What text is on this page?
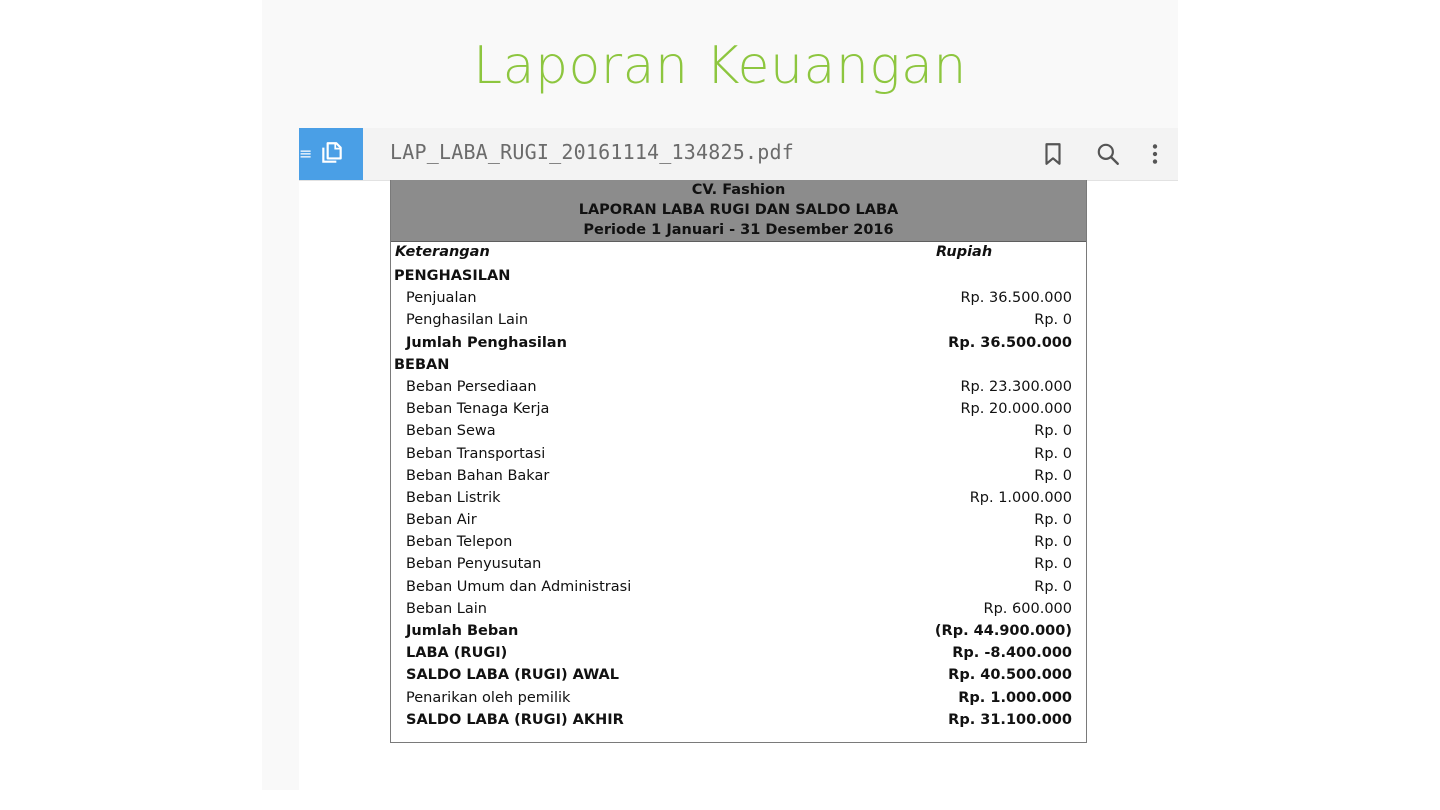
Laporan Keuangan
≡	LAP_LABA_RUGI_20161114_134825.pdf
CV. Fashion
LAPORAN LABA RUGI DAN SALDO LABA
Periode 1 Januari - 31 Desember 2016
Keterangan	Rupiah
PENGHASILAN
Penjualan	Rp. 36.500.000
Penghasilan Lain	Rp. 0
Jumlah Penghasilan	Rp. 36.500.000
BEBAN
Beban Persediaan	Rp. 23.300.000
Beban Tenaga Kerja	Rp. 20.000.000
Beban Sewa	Rp. 0
Beban Transportasi	Rp. 0
Beban Bahan Bakar	Rp. 0
Beban Listrik	Rp. 1.000.000
Beban Air	Rp. 0
Beban Telepon	Rp. 0
Beban Penyusutan	Rp. 0
Beban Umum dan Administrasi	Rp. 0
Beban Lain	Rp. 600.000
Jumlah Beban	(Rp. 44.900.000)
LABA (RUGI)	Rp. -8.400.000
SALDO LABA (RUGI) AWAL	Rp. 40.500.000
Penarikan oleh pemilik	Rp. 1.000.000
SALDO LABA (RUGI) AKHIR	Rp. 31.100.000
